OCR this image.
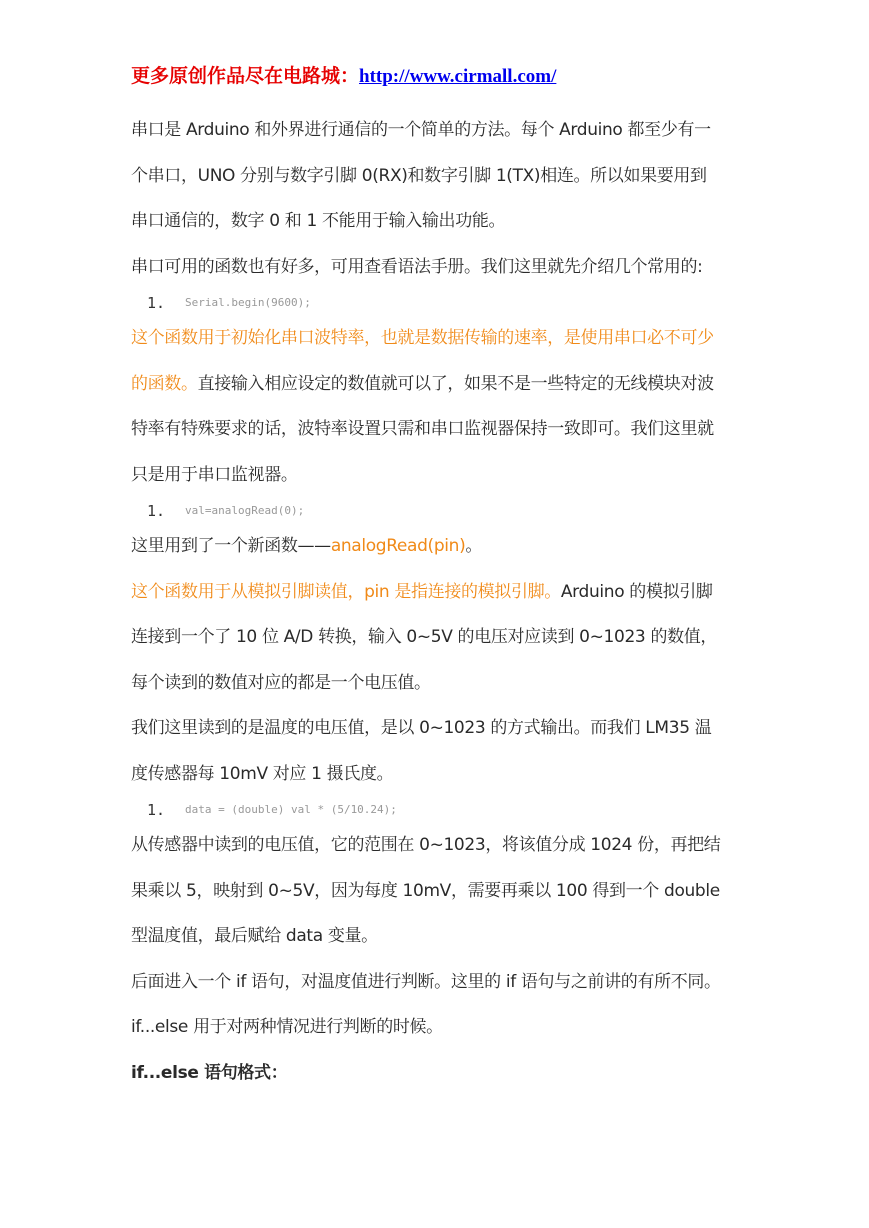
更多原创作品尽在电路城：http://www.cirmall.com/

串口是 Arduino 和外界进行通信的一个简单的方法。每个 Arduino 都至少有一
个串口，UNO 分别与数字引脚 0(RX)和数字引脚 1(TX)相连。所以如果要用到
串口通信的，数字 0 和 1 不能用于输入输出功能。

串口可用的函数也有好多，可用查看语法手册。我们这里就先介绍几个常用的:

1.	Serial.begin(9600);

这个函数用于初始化串口波特率，也就是数据传输的速率，是使用串口必不可少
的函数。直接输入相应设定的数值就可以了，如果不是一些特定的无线模块对波
特率有特殊要求的话，波特率设置只需和串口监视器保持一致即可。我们这里就
只是用于串口监视器。

1.	val=analogRead(0);

这里用到了一个新函数——analogRead(pin)。

这个函数用于从模拟引脚读值，pin 是指连接的模拟引脚。Arduino 的模拟引脚
连接到一个了 10 位 A/D 转换，输入 0~5V 的电压对应读到 0~1023 的数值，
每个读到的数值对应的都是一个电压值。

我们这里读到的是温度的电压值，是以 0~1023 的方式输出。而我们 LM35 温
度传感器每 10mV 对应 1 摄氏度。

1.	data = (double) val * (5/10.24);

从传感器中读到的电压值，它的范围在 0~1023，将该值分成 1024 份，再把结
果乘以 5，映射到 0~5V，因为每度 10mV，需要再乘以 100 得到一个 double
型温度值，最后赋给 data 变量。

后面进入一个 if 语句，对温度值进行判断。这里的 if 语句与之前讲的有所不同。
if...else 用于对两种情况进行判断的时候。

if...else 语句格式：
